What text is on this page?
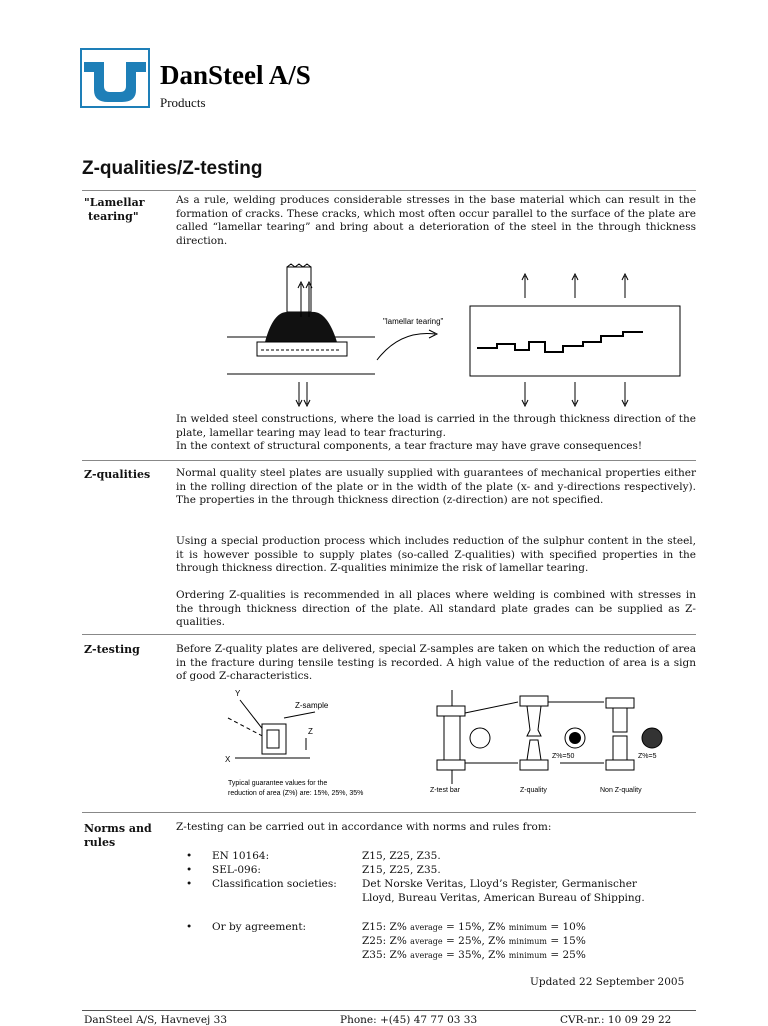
DanSteel A/S
Products
Z-qualities/Z-testing
"Lamellar
tearing"
As a rule, welding produces considerable stresses in the base material which can result in the formation of cracks. These cracks, which most often occur parallel to the surface of the plate are called “lamellar tearing” and bring about a deterioration of the steel in the through thickness direction.
"lamellar tearing"
In welded steel constructions, where the load is carried in the through thickness direction of the plate, lamellar tearing may lead to tear fracturing.
In the context of structural components, a tear fracture may have grave consequences!
Z-qualities Normal quality steel plates are usually supplied with guarantees of mechanical properties either in the rolling direction of the plate or in the width of the plate (x- and y-directions respectively). The properties in the through thickness direction (z-direction) are not specified.
Using a special production process which includes reduction of the sulphur content in the steel, it is however possible to supply plates (so-called Z-qualities) with specified properties in the through thickness direction. Z-qualities minimize the risk of lamellar tearing.
Ordering Z-qualities is recommended in all places where welding is combined with stresses in the through thickness direction of the plate. All standard plate grades can be supplied as Z-qualities.
Z-testing	Before Z-quality plates are delivered, special Z-samples are taken on which the reduction of area in the fracture during tensile testing is recorded. A high value of the reduction of area is a sign of good Z-characteristics.
Y
X
Z-sample
Z
Typical guarantee values for the
reduction of area (Z%) are: 15%, 25%, 35%	Z-test bar
Z%=50
Z-quality
Z%=5
Non Z-quality
Norms and
rules
Z-testing can be carried out in accordance with norms and rules from:
• EN 10164:	Z15, Z25, Z35.
• SEL-096:	Z15, Z25, Z35.
• Classification societies: Det Norske Veritas, Lloyd’s Register, Germanischer
Lloyd, Bureau Veritas, American Bureau of Shipping.
• Or by agreement:	Z15: Z% average = 15%, Z% minimum = 10%
Z25: Z% average = 25%, Z% minimum = 15%
Z35: Z% average = 35%, Z% minimum = 25%
Updated 22 September 2005
DanSteel A/S, Havnevej 33	Phone: +(45) 47 77 03 33	CVR-nr.: 10 09 29 22
